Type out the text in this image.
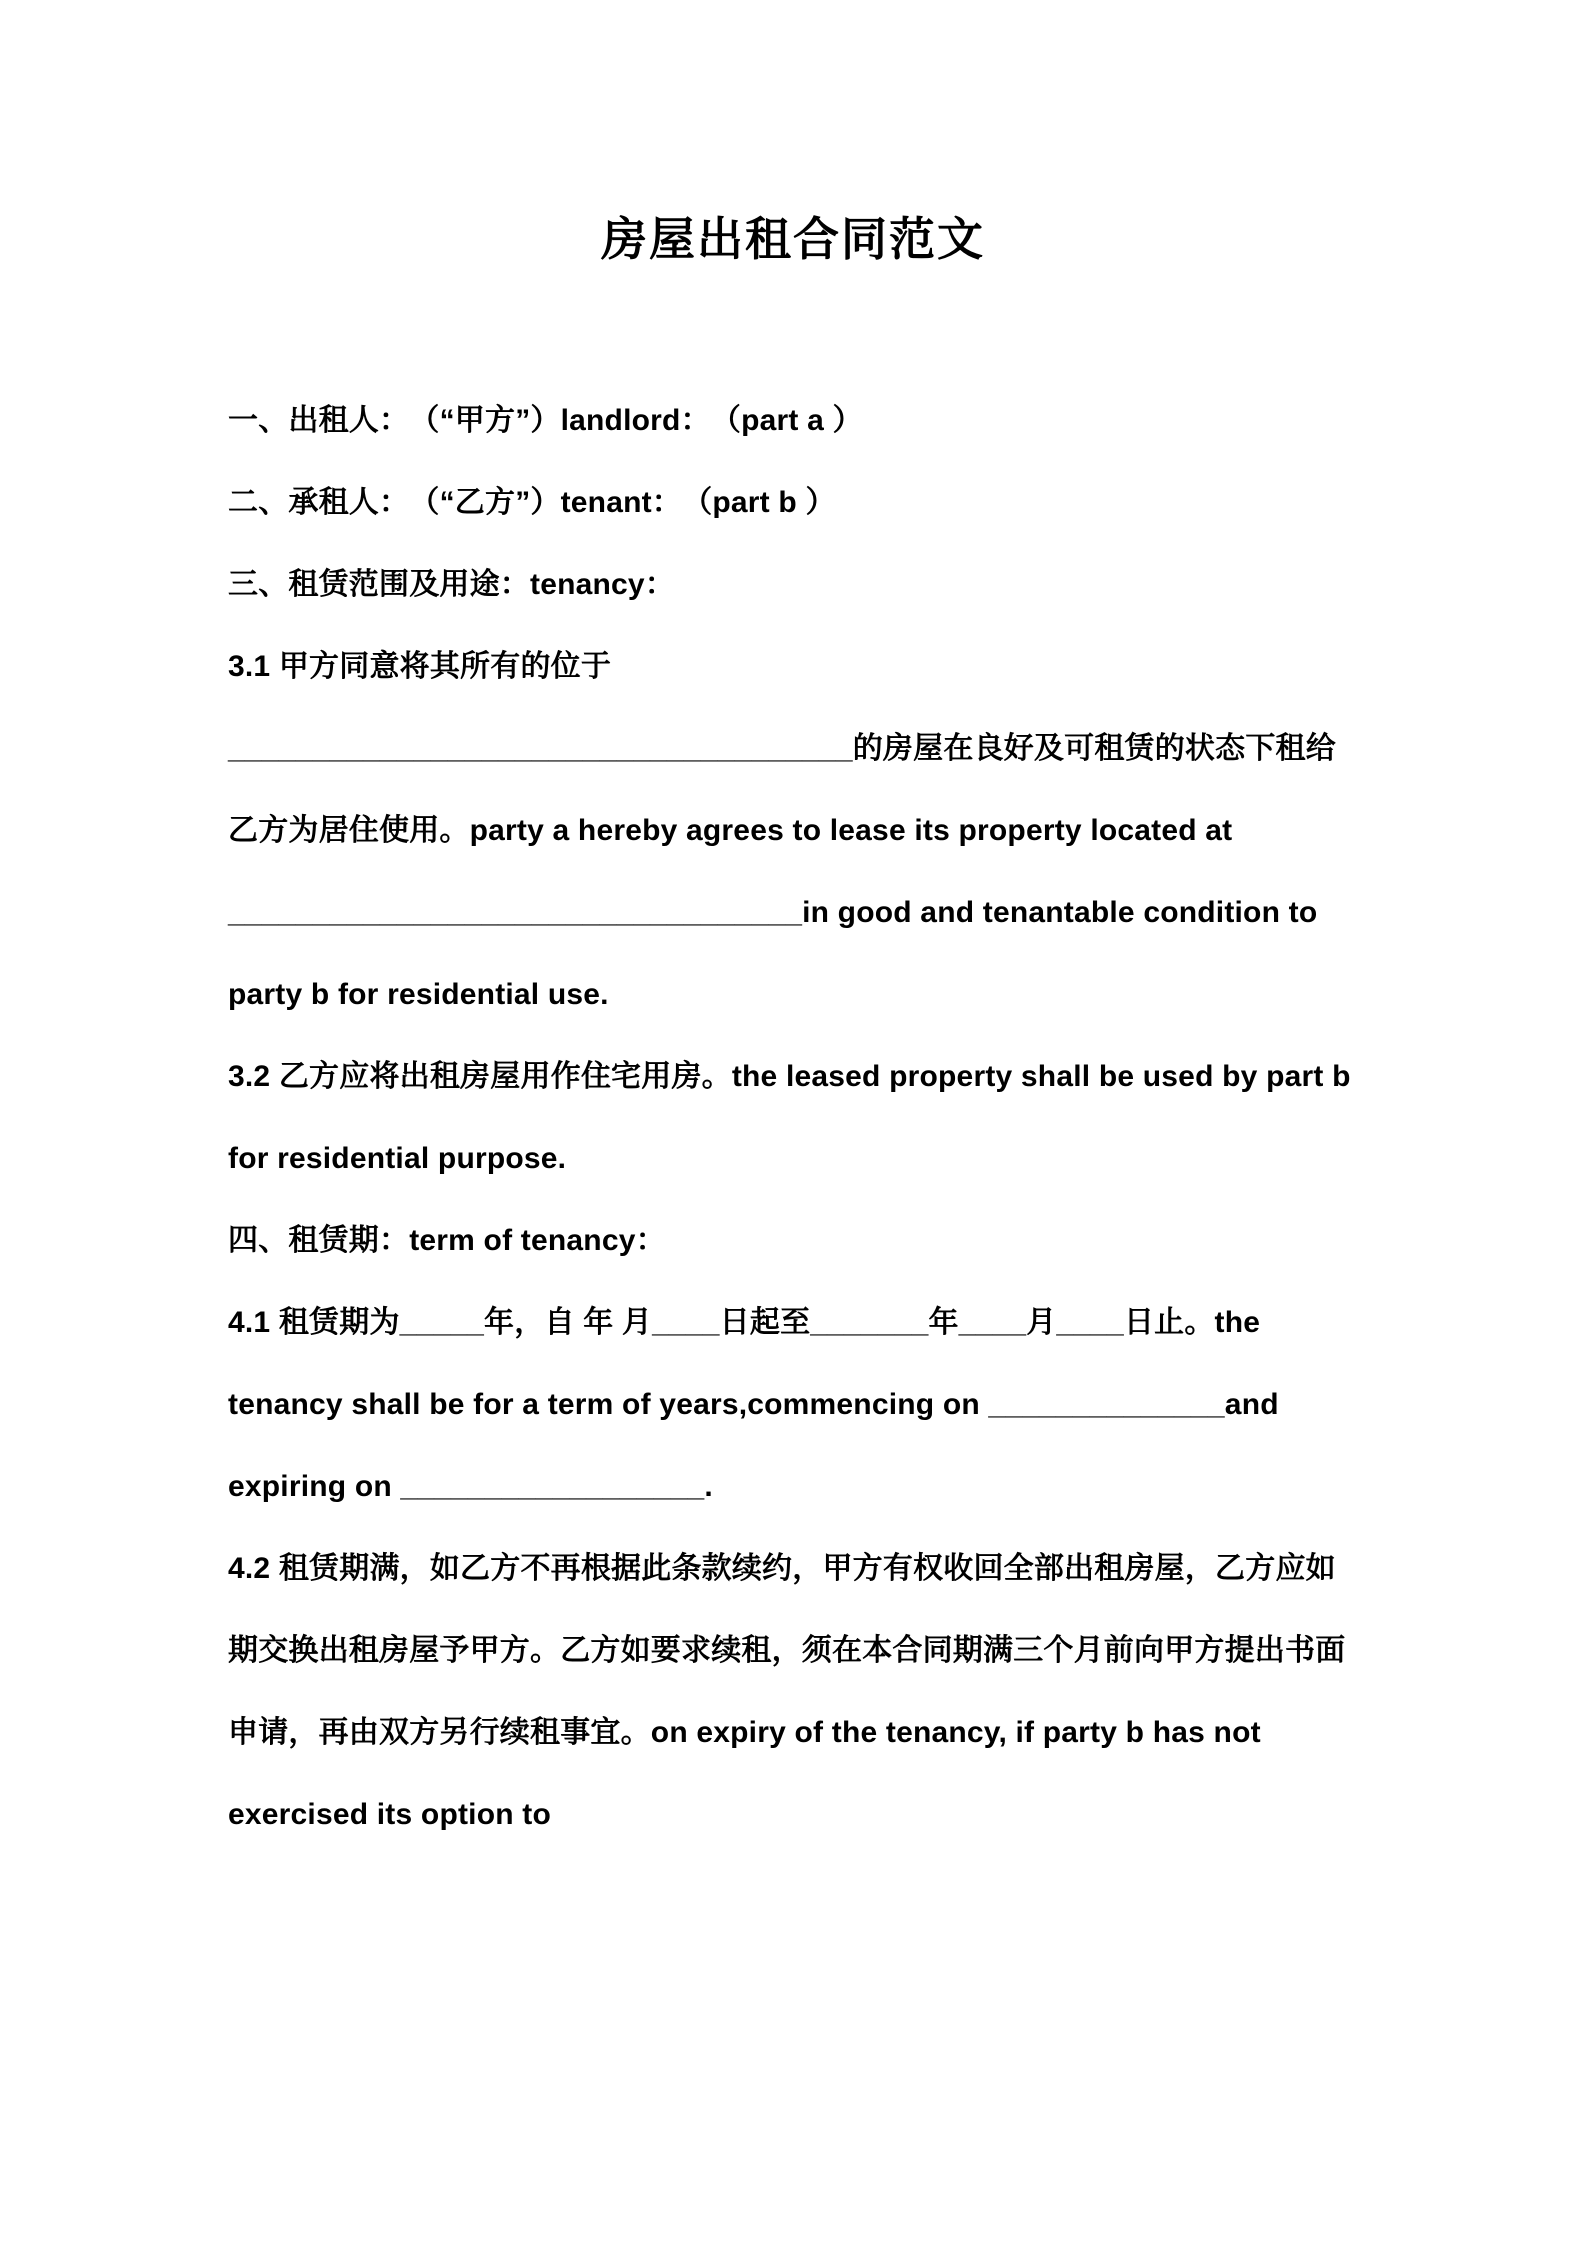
房屋出租合同范文

一、出租人：　（“甲方”）landlord：　（part a ）

二、承租人：　（“乙方”）tenant：　（part b ）

三、租赁范围及用途：tenancy：

3.1 甲方同意将其所有的位于

_____________________________________的房屋在良好及可租赁的状态下租给乙方为居住使用。party a hereby agrees to lease its property located at

__________________________________in good and tenantable condition to party b for residential use.

3.2 乙方应将出租房屋用作住宅用房。the leased property shall be used by part b for residential purpose.

四、租赁期：term of tenancy：

4.1 租赁期为_____年，自 年 月____日起至_______年____月____日止。the tenancy shall be for a term of years,commencing on ______________and expiring on __________________.

4.2 租赁期满，如乙方不再根据此条款续约，甲方有权收回全部出租房屋，乙方应如期交换出租房屋予甲方。乙方如要求续租，须在本合同期满三个月前向甲方提出书面申请，再由双方另行续租事宜。on expiry of the tenancy, if party b has not exercised its option to
